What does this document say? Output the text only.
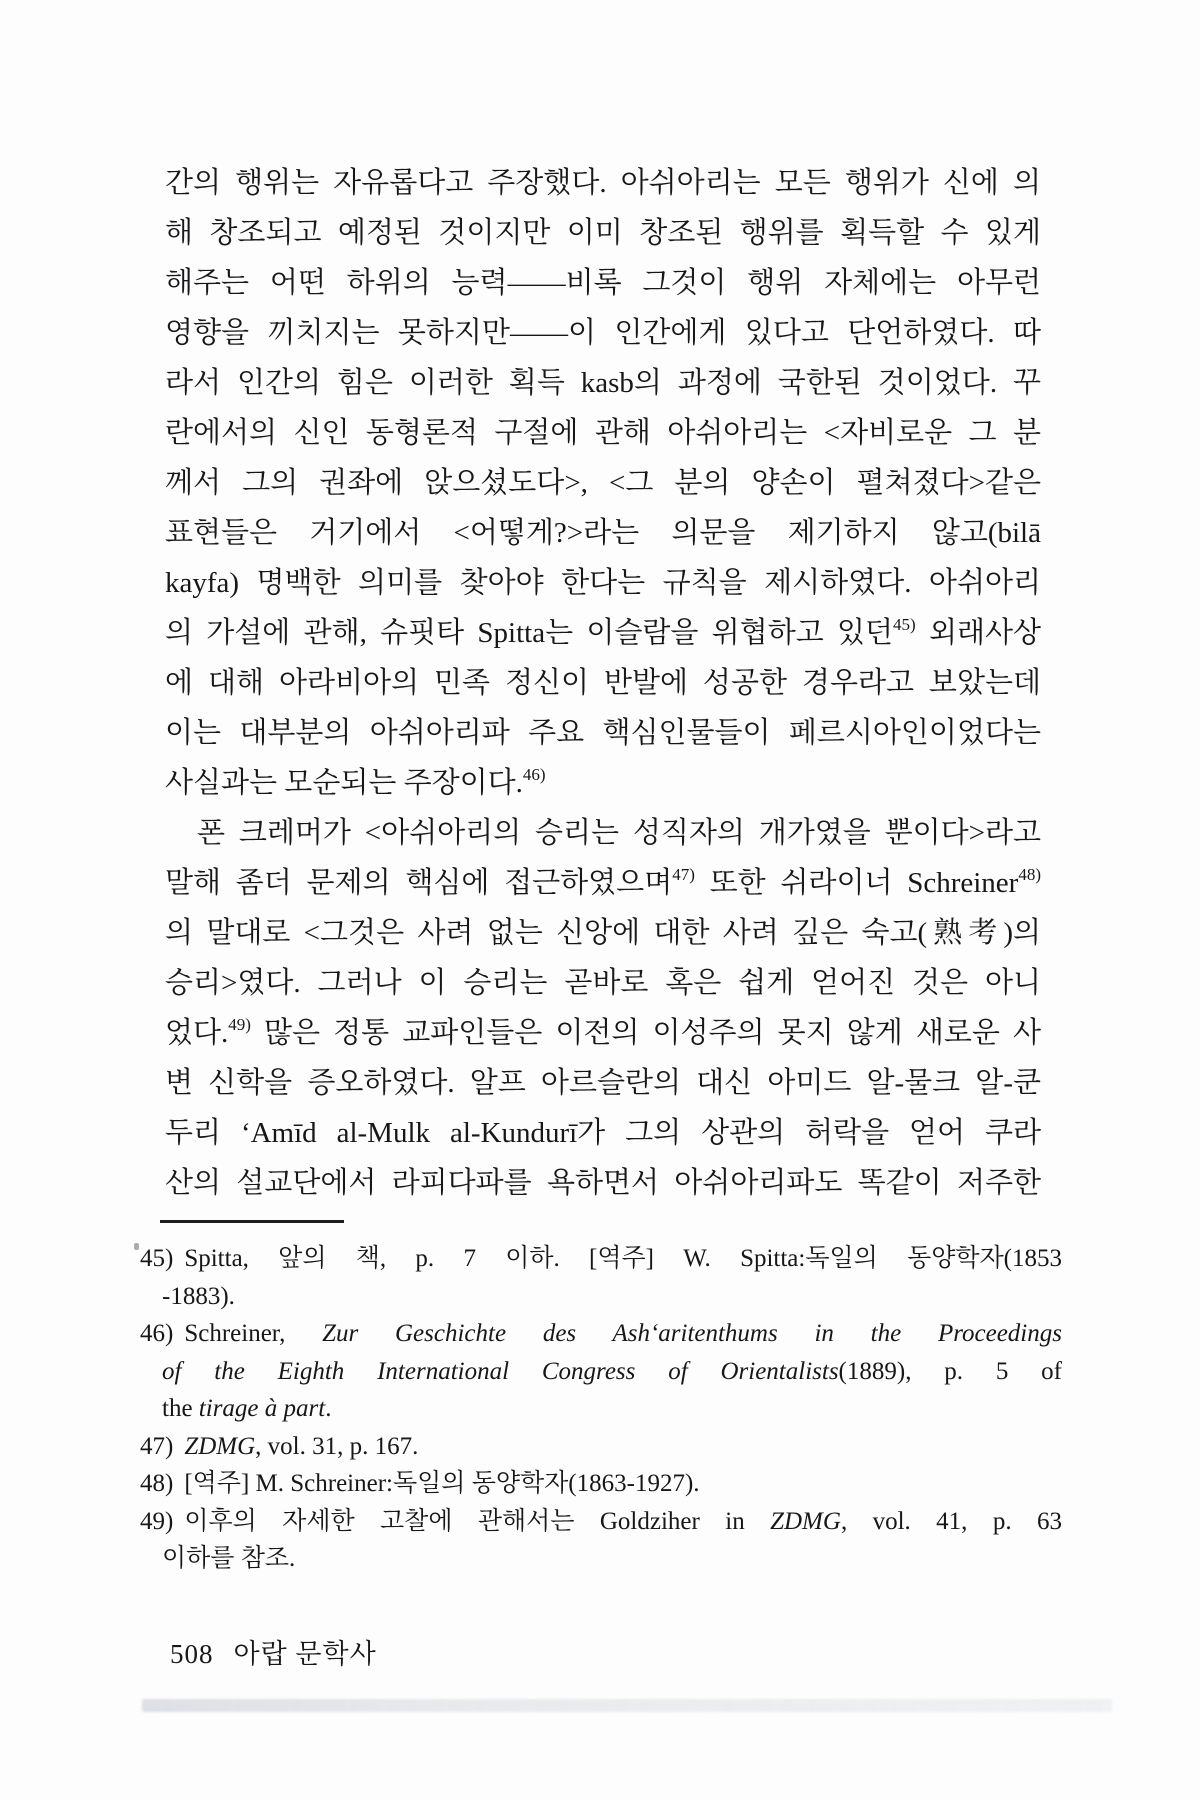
간의 행위는 자유롭다고 주장했다. 아쉬아리는 모든 행위가 신에 의
해 창조되고 예정된 것이지만 이미 창조된 행위를 획득할 수 있게
해주는 어떤 하위의 능력——비록 그것이 행위 자체에는 아무런
영향을 끼치지는 못하지만——이 인간에게 있다고 단언하였다. 따
라서 인간의 힘은 이러한 획득 kasb의 과정에 국한된 것이었다. 꾸
란에서의 신인 동형론적 구절에 관해 아쉬아리는 <자비로운 그 분
께서 그의 권좌에 앉으셨도다>, <그 분의 양손이 펼쳐졌다>같은
표현들은 거기에서 <어떻게?>라는 의문을 제기하지 않고(bilā
kayfa) 명백한 의미를 찾아야 한다는 규칙을 제시하였다. 아쉬아리
의 가설에 관해, 슈핏타 Spitta는 이슬람을 위협하고 있던$^{45)}$ 외래사상
에 대해 아라비아의 민족 정신이 반발에 성공한 경우라고 보았는데
이는 대부분의 아쉬아리파 주요 핵심인물들이 페르시아인이었다는
사실과는 모순되는 주장이다.$^{46)}$
폰 크레머가 <아쉬아리의 승리는 성직자의 개가였을 뿐이다>라고
말해 좀더 문제의 핵심에 접근하였으며$^{47)}$ 또한 쉬라이너 Schreiner$^{48)}$
의 말대로 <그것은 사려 없는 신앙에 대한 사려 깊은 숙고(熟考)의
승리>였다. 그러나 이 승리는 곧바로 혹은 쉽게 얻어진 것은 아니
었다.$^{49)}$ 많은 정통 교파인들은 이전의 이성주의 못지 않게 새로운 사
변 신학을 증오하였다. 알프 아르슬란의 대신 아미드 알-물크 알-쿤
두리 ‘Amīd al-Mulk al-Kundurī가 그의 상관의 허락을 얻어 쿠라
산의 설교단에서 라피다파를 욕하면서 아쉬아리파도 똑같이 저주한
45) Spitta, 앞의 책, p. 7 이하. [역주] W. Spitta:독일의 동양학자(1853
-1883).
46) Schreiner, Zur Geschichte des Ash‘aritenthums in the Proceedings
of the Eighth International Congress of Orientalists(1889), p. 5 of
the tirage à part.
47) ZDMG, vol. 31, p. 167.
48) [역주] M. Schreiner:독일의 동양학자(1863-1927).
49) 이후의 자세한 고찰에 관해서는 Goldziher in ZDMG, vol. 41, p. 63
이하를 참조.
508 아랍 문학사
